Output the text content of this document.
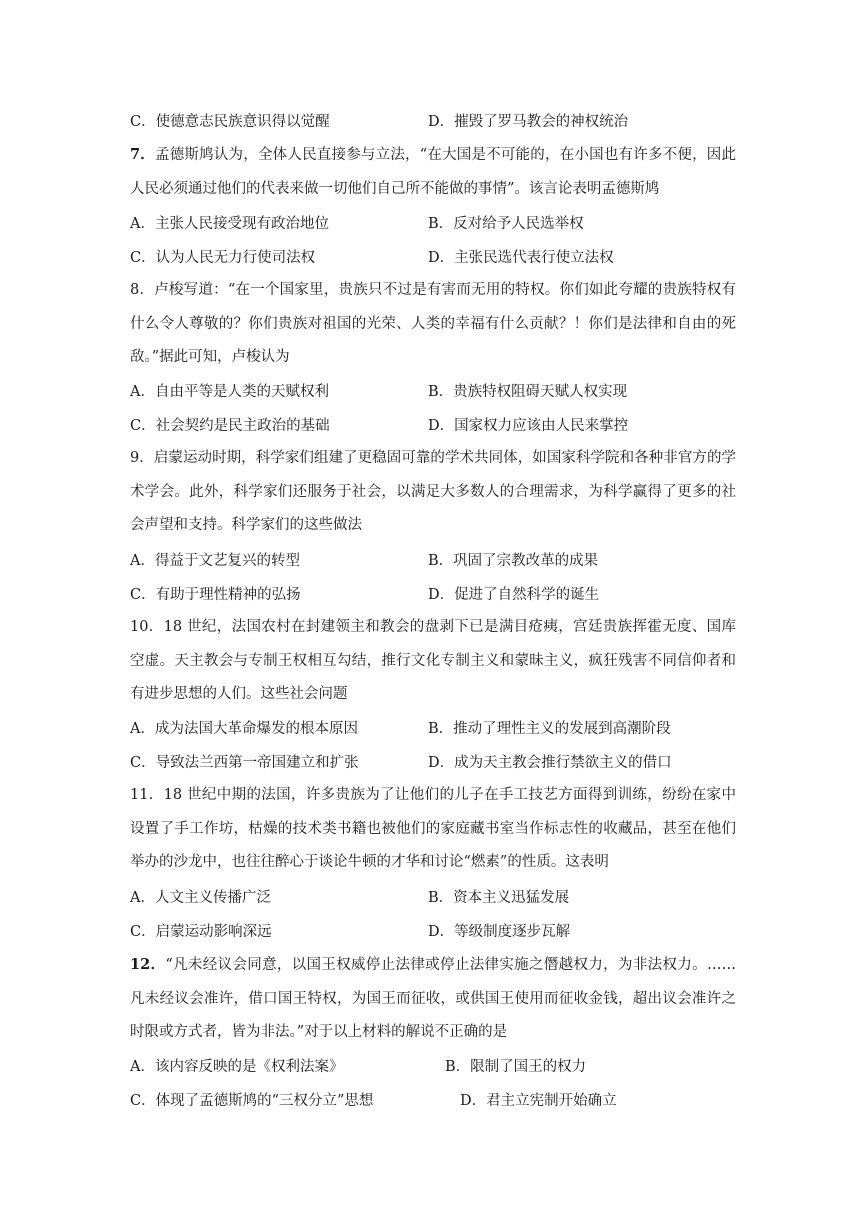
C．使德意志民族意识得以觉醒	D．摧毁了罗马教会的神权统治

7．孟德斯鸠认为，全体人民直接参与立法，“在大国是不可能的，在小国也有许多不便，因此人民必须通过他们的代表来做一切他们自己所不能做的事情”。该言论表明孟德斯鸠

A．主张人民接受现有政治地位	B．反对给予人民选举权
C．认为人民无力行使司法权	D．主张民选代表行使立法权

8．卢梭写道：“在一个国家里，贵族只不过是有害而无用的特权。你们如此夸耀的贵族特权有什么令人尊敬的？你们贵族对祖国的光荣、人类的幸福有什么贡献？！你们是法律和自由的死敌。”据此可知，卢梭认为

A．自由平等是人类的天赋权利	B．贵族特权阻碍天赋人权实现
C．社会契约是民主政治的基础	D．国家权力应该由人民来掌控

9．启蒙运动时期，科学家们组建了更稳固可靠的学术共同体，如国家科学院和各种非官方的学术学会。此外，科学家们还服务于社会，以满足大多数人的合理需求，为科学赢得了更多的社会声望和支持。科学家们的这些做法

A．得益于文艺复兴的转型	B．巩固了宗教改革的成果
C．有助于理性精神的弘扬	D．促进了自然科学的诞生

10．18 世纪，法国农村在封建领主和教会的盘剥下已是满目疮痍，宫廷贵族挥霍无度、国库空虚。天主教会与专制王权相互勾结，推行文化专制主义和蒙昧主义，疯狂残害不同信仰者和有进步思想的人们。这些社会问题

A．成为法国大革命爆发的根本原因	B．推动了理性主义的发展到高潮阶段
C．导致法兰西第一帝国建立和扩张	D．成为天主教会推行禁欲主义的借口

11．18 世纪中期的法国，许多贵族为了让他们的儿子在手工技艺方面得到训练，纷纷在家中设置了手工作坊，枯燥的技术类书籍也被他们的家庭藏书室当作标志性的收藏品，甚至在他们举办的沙龙中，也往往醉心于谈论牛顿的才华和讨论“燃素”的性质。这表明

A．人文主义传播广泛	B．资本主义迅猛发展
C．启蒙运动影响深远	D．等级制度逐步瓦解

12．“凡未经议会同意，以国王权威停止法律或停止法律实施之僭越权力，为非法权力。……凡未经议会准许，借口国王特权，为国王而征收，或供国王使用而征收金钱，超出议会准许之时限或方式者，皆为非法。”对于以上材料的解说不正确的是

A．该内容反映的是《权利法案》	B．限制了国王的权力
C．体现了孟德斯鸠的“三权分立”思想	D．君主立宪制开始确立
